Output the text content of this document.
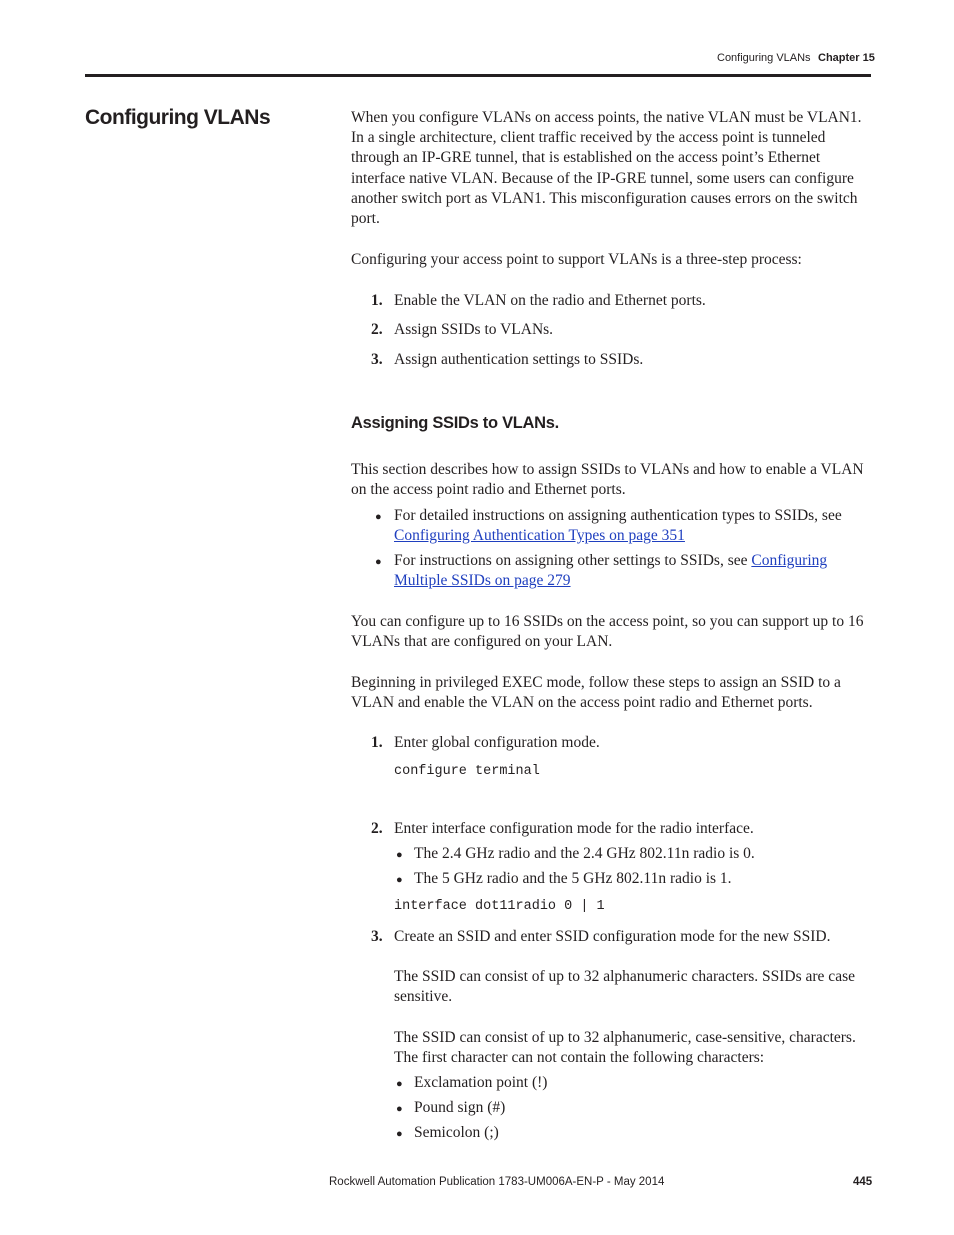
Configuring VLANs Chapter 15
Configuring VLANs	When you configure VLANs on access points, the native VLAN must be VLAN1. In a single architecture, client traffic received by the access point is tunneled through an IP-GRE tunnel, that is established on the access point’s Ethernet interface native VLAN. Because of the IP-GRE tunnel, some users can configure another switch port as VLAN1. This misconfiguration causes errors on the switch port.
Configuring your access point to support VLANs is a three-step process:
1. Enable the VLAN on the radio and Ethernet ports.
2. Assign SSIDs to VLANs.
3. Assign authentication settings to SSIDs.
Assigning SSIDs to VLANs.
This section describes how to assign SSIDs to VLANs and how to enable a VLAN on the access point radio and Ethernet ports.
● For detailed instructions on assigning authentication types to SSIDs, see Configuring Authentication Types on page 351
● For instructions on assigning other settings to SSIDs, see Configuring Multiple SSIDs on page 279
You can configure up to 16 SSIDs on the access point, so you can support up to 16 VLANs that are configured on your LAN.
Beginning in privileged EXEC mode, follow these steps to assign an SSID to a VLAN and enable the VLAN on the access point radio and Ethernet ports.
1. Enter global configuration mode.
configure terminal
2. Enter interface configuration mode for the radio interface.
● The 2.4 GHz radio and the 2.4 GHz 802.11n radio is 0.
● The 5 GHz radio and the 5 GHz 802.11n radio is 1.
interface dot11radio 0 | 1
3. Create an SSID and enter SSID configuration mode for the new SSID.
The SSID can consist of up to 32 alphanumeric characters. SSIDs are case sensitive.
The SSID can consist of up to 32 alphanumeric, case-sensitive, characters. The first character can not contain the following characters:
● Exclamation point (!)
● Pound sign (#)
● Semicolon (;)
Rockwell Automation Publication 1783-UM006A-EN-P - May 2014	445
